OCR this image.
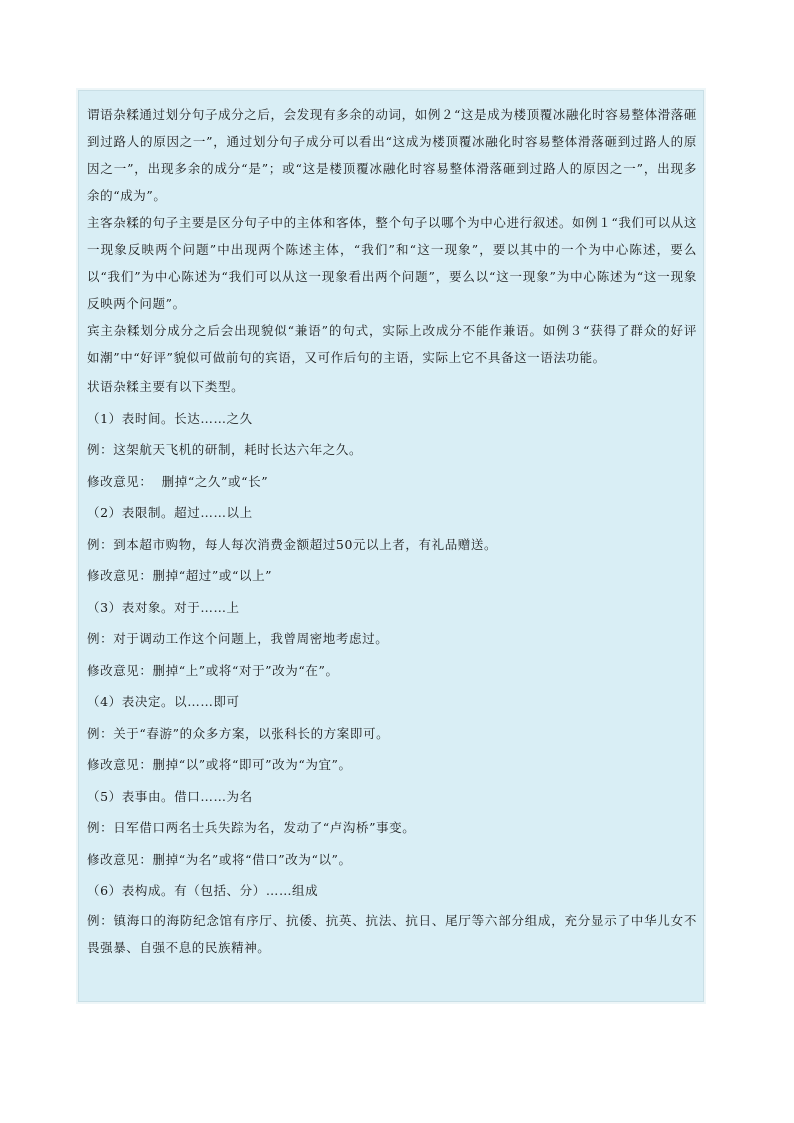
谓语杂糅通过划分句子成分之后，会发现有多余的动词，如例２“这是成为楼顶覆冰融化时容易整体滑落砸到过路人的原因之一”，通过划分句子成分可以看出“这成为楼顶覆冰融化时容易整体滑落砸到过路人的原因之一”，出现多余的成分“是”；或“这是楼顶覆冰融化时容易整体滑落砸到过路人的原因之一”，出现多余的“成为”。

主客杂糅的句子主要是区分句子中的主体和客体，整个句子以哪个为中心进行叙述。如例１“我们可以从这一现象反映两个问题”中出现两个陈述主体，“我们”和“这一现象”，要以其中的一个为中心陈述，要么以“我们”为中心陈述为“我们可以从这一现象看出两个问题”，要么以“这一现象”为中心陈述为“这一现象反映两个问题”。

宾主杂糅划分成分之后会出现貌似“兼语”的句式，实际上改成分不能作兼语。如例３“获得了群众的好评如潮”中“好评”貌似可做前句的宾语，又可作后句的主语，实际上它不具备这一语法功能。

状语杂糅主要有以下类型。

（1）表时间。长达……之久

例：这架航天飞机的研制，耗时长达六年之久。

修改意见：  删掉“之久”或“长”

（2）表限制。超过……以上

例：到本超市购物，每人每次消费金额超过50元以上者，有礼品赠送。

修改意见：删掉“超过”或“以上”

（3）表对象。对于……上

例：对于调动工作这个问题上，我曾周密地考虑过。

修改意见：删掉“上”或将“对于”改为“在”。

（4）表决定。以……即可

例：关于“春游”的众多方案，以张科长的方案即可。

修改意见：删掉“以”或将“即可”改为“为宜”。

（5）表事由。借口……为名

例：日军借口两名士兵失踪为名，发动了“卢沟桥”事变。

修改意见：删掉“为名”或将“借口”改为“以”。

（6）表构成。有（包括、分）……组成

例：镇海口的海防纪念馆有序厅、抗倭、抗英、抗法、抗日、尾厅等六部分组成，充分显示了中华儿女不畏强暴、自强不息的民族精神。
